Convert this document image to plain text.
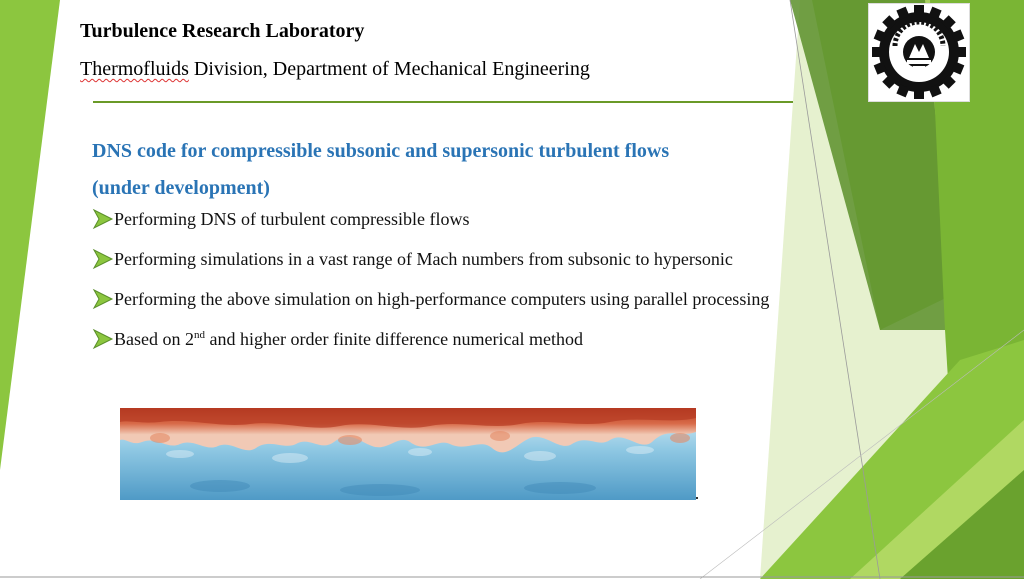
Turbulence Research Laboratory
Thermofluids Division, Department of Mechanical Engineering
DNS code for compressible subsonic and supersonic turbulent flows
(under development)
Performing DNS of turbulent compressible flows
Performing simulations in a vast range of Mach numbers from subsonic to hypersonic
Performing the above simulation on high-performance computers using parallel processing
Based on 2nd and higher order finite difference numerical method
